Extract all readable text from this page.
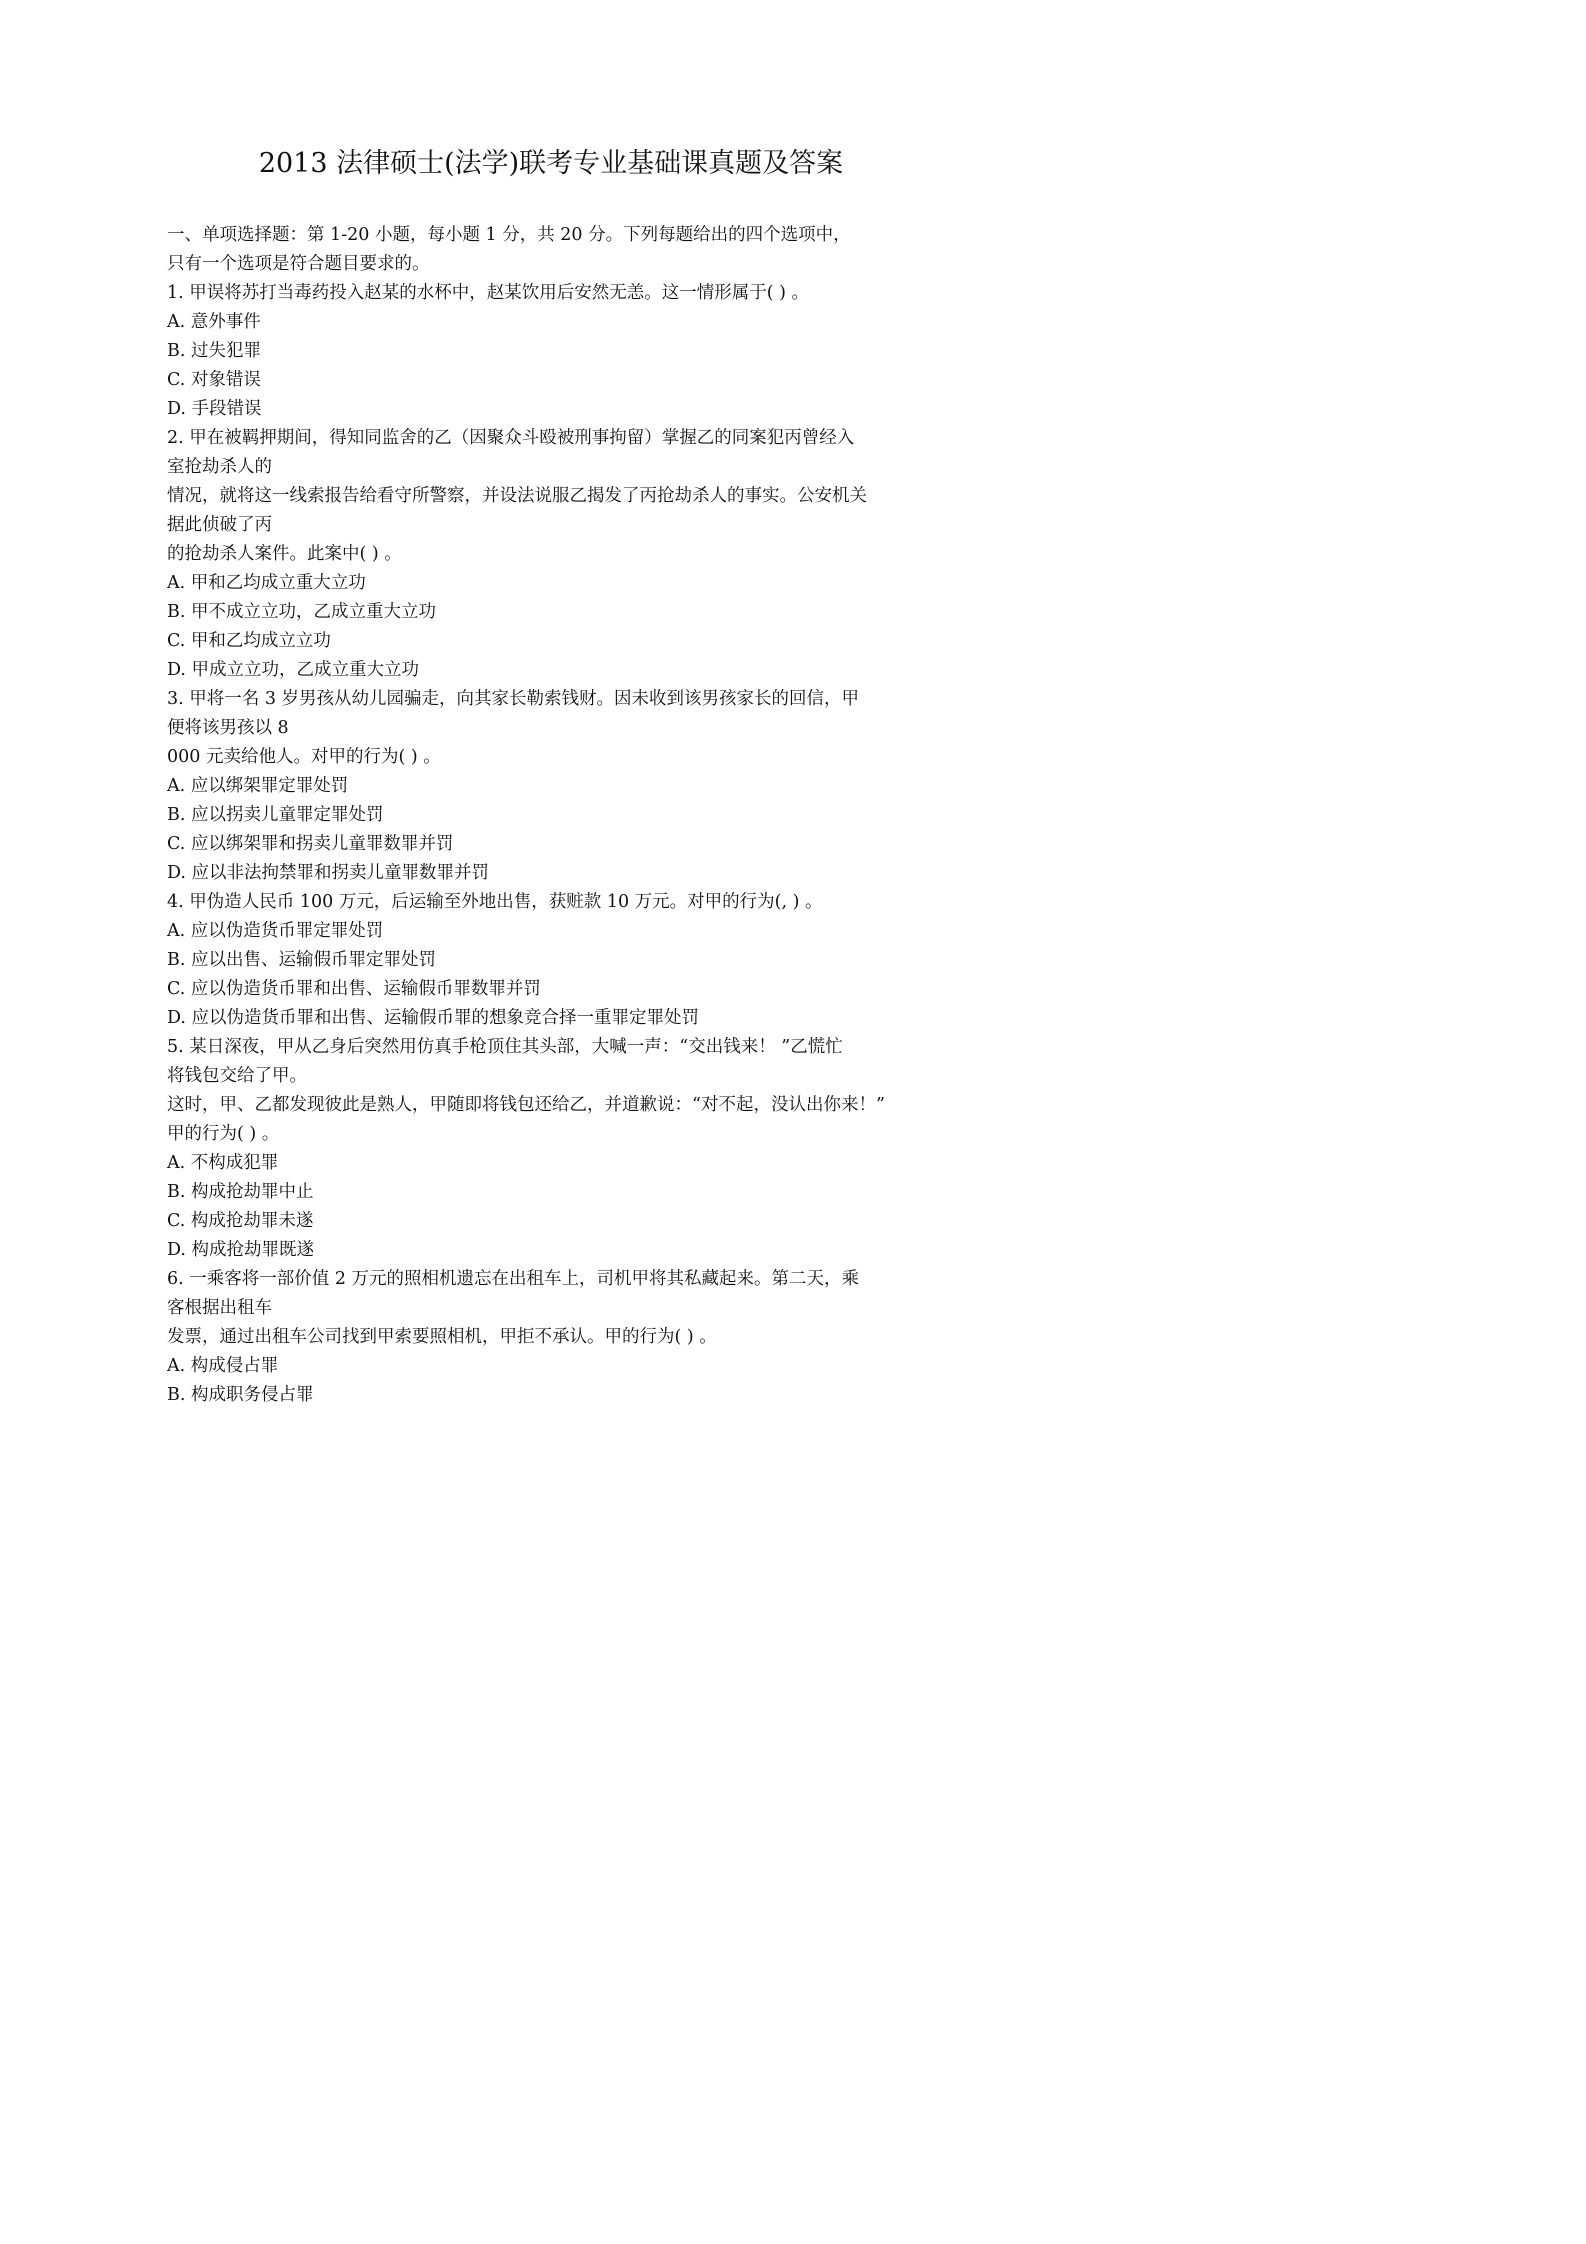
2013 法律硕士(法学)联考专业基础课真题及答案

一、单项选择题：第 1-20 小题，每小题 1 分，共 20 分。下列每题给出的四个选项中，

只有一个选项是符合题目要求的。

1. 甲误将苏打当毒药投入赵某的水杯中，赵某饮用后安然无恙。这一情形属于( ) 。

A. 意外事件

B. 过失犯罪

C. 对象错误

D. 手段错误

2. 甲在被羁押期间，得知同监舍的乙（因聚众斗殴被刑事拘留）掌握乙的同案犯丙曾经入

室抢劫杀人的

情况，就将这一线索报告给看守所警察，并设法说服乙揭发了丙抢劫杀人的事实。公安机关

据此侦破了丙

的抢劫杀人案件。此案中( ) 。

A. 甲和乙均成立重大立功

B. 甲不成立立功，乙成立重大立功

C. 甲和乙均成立立功

D. 甲成立立功，乙成立重大立功

3. 甲将一名 3 岁男孩从幼儿园骗走，向其家长勒索钱财。因未收到该男孩家长的回信，甲

便将该男孩以 8

000 元卖给他人。对甲的行为( ) 。

A. 应以绑架罪定罪处罚

B. 应以拐卖儿童罪定罪处罚

C. 应以绑架罪和拐卖儿童罪数罪并罚

D. 应以非法拘禁罪和拐卖儿童罪数罪并罚

4. 甲伪造人民币 100 万元，后运输至外地出售，获赃款 10 万元。对甲的行为(, ) 。

A. 应以伪造货币罪定罪处罚

B. 应以出售、运输假币罪定罪处罚

C. 应以伪造货币罪和出售、运输假币罪数罪并罚

D. 应以伪造货币罪和出售、运输假币罪的想象竞合择一重罪定罪处罚

5. 某日深夜，甲从乙身后突然用仿真手枪顶住其头部，大喊一声：“交出钱来！ ”乙慌忙

将钱包交给了甲。

这时，甲、乙都发现彼此是熟人，甲随即将钱包还给乙，并道歉说：“对不起，没认出你来！”

甲的行为( ) 。

A. 不构成犯罪

B. 构成抢劫罪中止

C. 构成抢劫罪未遂

D. 构成抢劫罪既遂

6. 一乘客将一部价值 2 万元的照相机遗忘在出租车上，司机甲将其私藏起来。第二天，乘

客根据出租车

发票，通过出租车公司找到甲索要照相机，甲拒不承认。甲的行为( ) 。

A. 构成侵占罪

B. 构成职务侵占罪
